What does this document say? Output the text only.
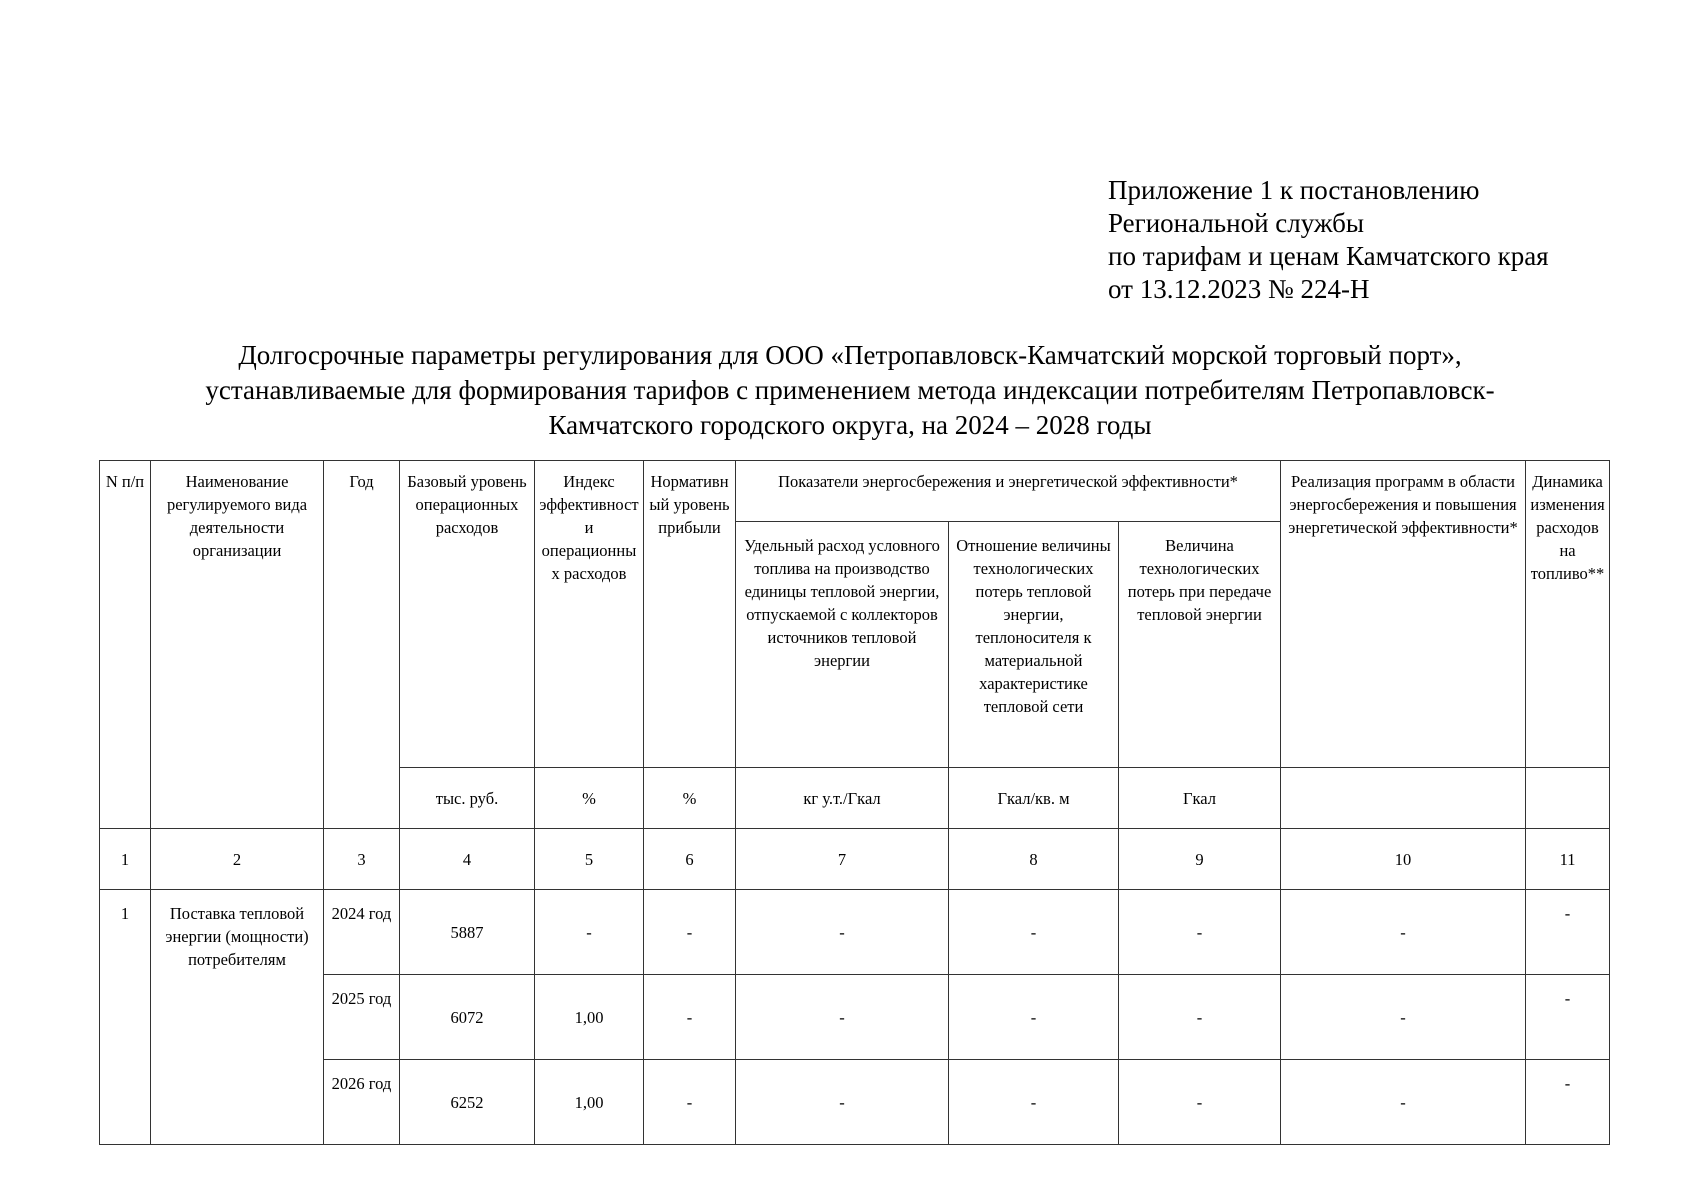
Приложение 1 к постановлению
Региональной службы
по тарифам и ценам Камчатского края
от 13.12.2023 № 224-Н
Долгосрочные параметры регулирования для ООО «Петропавловск-Камчатский морской торговый порт»,
устанавливаемые для формирования тарифов с применением метода индексации потребителям Петропавловск-
Камчатского городского округа, на 2024 – 2028 годы
N п/п	Наименование регулируемого вида деятельности организации	Год	Базовый уровень операционных расходов	Индекс эффективности операционных расходов	Нормативный уровень прибыли	Показатели энергосбережения и энергетической эффективности*			Реализация программ в области энергосбережения и повышения энергетической эффективности*	Динамика изменения расходов на топливо**
						Удельный расход условного топлива на производство единицы тепловой энергии, отпускаемой с коллекторов источников тепловой энергии	Отношение величины технологических потерь тепловой энергии, теплоносителя к материальной характеристике тепловой сети	Величина технологических потерь при передаче тепловой энергии		
			тыс. руб.	%	%	кг у.т./Гкал	Гкал/кв. м	Гкал		
1	2	3	4	5	6	7	8	9	10	11
1	Поставка тепловой энергии (мощности) потребителям	2024 год	5887	-	-	-	-	-	-	-
		2025 год	6072	1,00	-	-	-	-	-	-
		2026 год	6252	1,00	-	-	-	-	-	-
